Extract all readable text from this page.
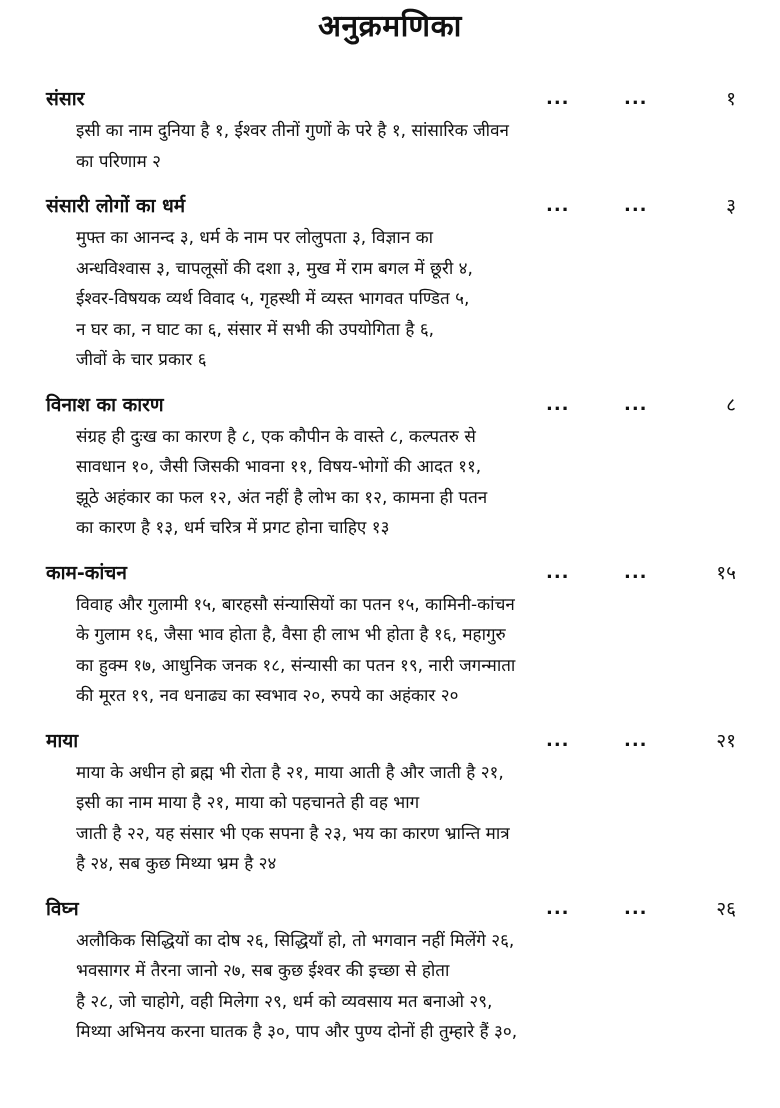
अनुक्रमणिका
संसार	...	...	१
इसी का नाम दुनिया है १, ईश्वर तीनों गुणों के परे है १, सांसारिक जीवन
का परिणाम २
संसारी लोगों का धर्म	...	...	३
मुफ्त का आनन्द ३, धर्म के नाम पर लोलुपता ३, विज्ञान का
अन्धविश्वास ३, चापलूसों की दशा ३, मुख में राम बगल में छूरी ४,
ईश्वर-विषयक व्यर्थ विवाद ५, गृहस्थी में व्यस्त भागवत पण्डित ५,
न घर का, न घाट का ६, संसार में सभी की उपयोगिता है ६,
जीवों के चार प्रकार ६
विनाश का कारण	...	...	८
संग्रह ही दुःख का कारण है ८, एक कौपीन के वास्ते ८, कल्पतरु से
सावधान १०, जैसी जिसकी भावना ११, विषय-भोगों की आदत ११,
झूठे अहंकार का फल १२, अंत नहीं है लोभ का १२, कामना ही पतन
का कारण है १३, धर्म चरित्र में प्रगट होना चाहिए १३
काम-कांचन	...	...	१५
विवाह और गुलामी १५, बारहसौ संन्यासियों का पतन १५, कामिनी-कांचन
के गुलाम १६, जैसा भाव होता है, वैसा ही लाभ भी होता है १६, महागुरु
का हुक्म १७, आधुनिक जनक १८, संन्यासी का पतन १९, नारी जगन्माता
की मूरत १९, नव धनाढ्य का स्वभाव २०, रुपये का अहंकार २०
माया	...	...	२१
माया के अधीन हो ब्रह्म भी रोता है २१, माया आती है और जाती है २१,
इसी का नाम माया है २१, माया को पहचानते ही वह भाग
जाती है २२, यह संसार भी एक सपना है २३, भय का कारण भ्रान्ति मात्र
है २४, सब कुछ मिथ्या भ्रम है २४
विघ्न	...	...	२६
अलौकिक सिद्धियों का दोष २६, सिद्धियाँ हो, तो भगवान नहीं मिलेंगे २६,
भवसागर में तैरना जानो २७, सब कुछ ईश्वर की इच्छा से होता
है २८, जो चाहोगे, वही मिलेगा २९, धर्म को व्यवसाय मत बनाओ २९,
मिथ्या अभिनय करना घातक है ३०, पाप और पुण्य दोनों ही तुम्हारे हैं ३०,
